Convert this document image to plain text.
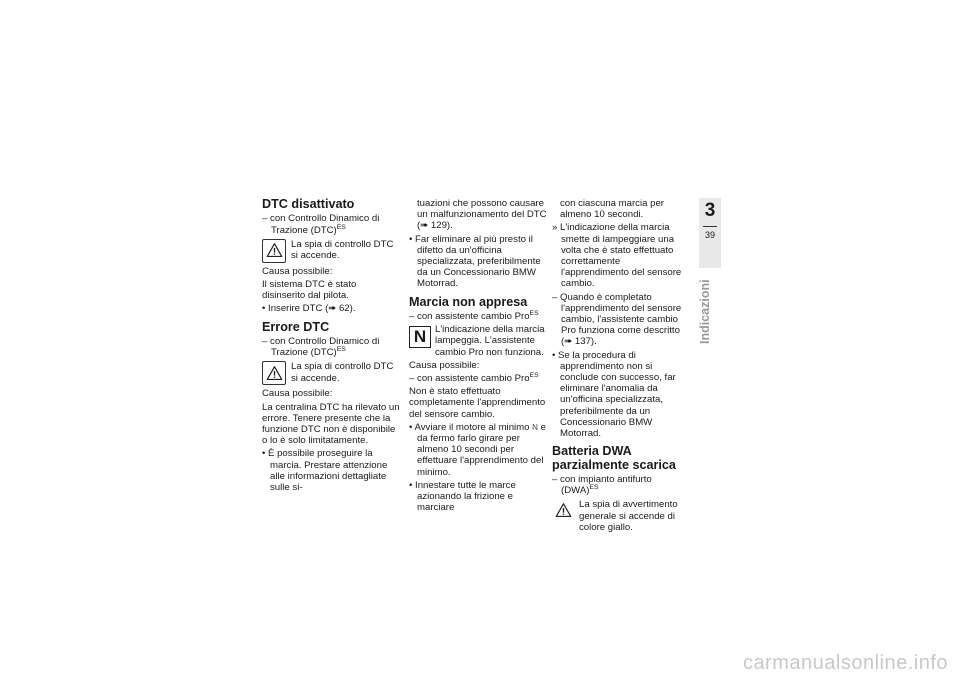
DTC disattivato
– con Controllo Dinamico di Trazione (DTC)$^{ES}$
La spia di controllo DTC si accende.
Causa possibile:
Il sistema DTC è stato disinserito dal pilota.
• Inserire DTC (➠ 62).
Errore DTC
– con Controllo Dinamico di Trazione (DTC)$^{ES}$
La spia di controllo DTC si accende.
Causa possibile:
La centralina DTC ha rilevato un errore. Tenere presente che la funzione DTC non è disponibile o lo è solo limitatamente.
• È possibile proseguire la marcia. Prestare attenzione alle informazioni dettagliate sulle si-
tuazioni che possono causare un malfunzionamento del DTC (➠ 129).
• Far eliminare al più presto il difetto da un'officina specializzata, preferibilmente da un Concessionario BMW Motorrad.
Marcia non appresa
– con assistente cambio Pro$^{ES}$
N L'indicazione della marcia lampeggia. L'assistente cambio Pro non funziona.
Causa possibile:
– con assistente cambio Pro$^{ES}$
Non è stato effettuato completamente l'apprendimento del sensore cambio.
• Avviare il motore al minimo N e da fermo farlo girare per almeno 10 secondi per effettuare l'apprendimento del minimo.
• Innestare tutte le marce azionando la frizione e marciare
con ciascuna marcia per almeno 10 secondi.
» L'indicazione della marcia smette di lampeggiare una volta che è stato effettuato correttamente l'apprendimento del sensore cambio.
– Quando è completato l'apprendimento del sensore cambio, l'assistente cambio Pro funziona come descritto (➠ 137).
• Se la procedura di apprendimento non si conclude con successo, far eliminare l'anomalia da un'officina specializzata, preferibilmente da un Concessionario BMW Motorrad.
Batteria DWA parzialmente scarica
– con impianto antifurto (DWA)$^{ES}$
La spia di avvertimento generale si accende di colore giallo.
3
39
Indicazioni
carmanualsonline.info
